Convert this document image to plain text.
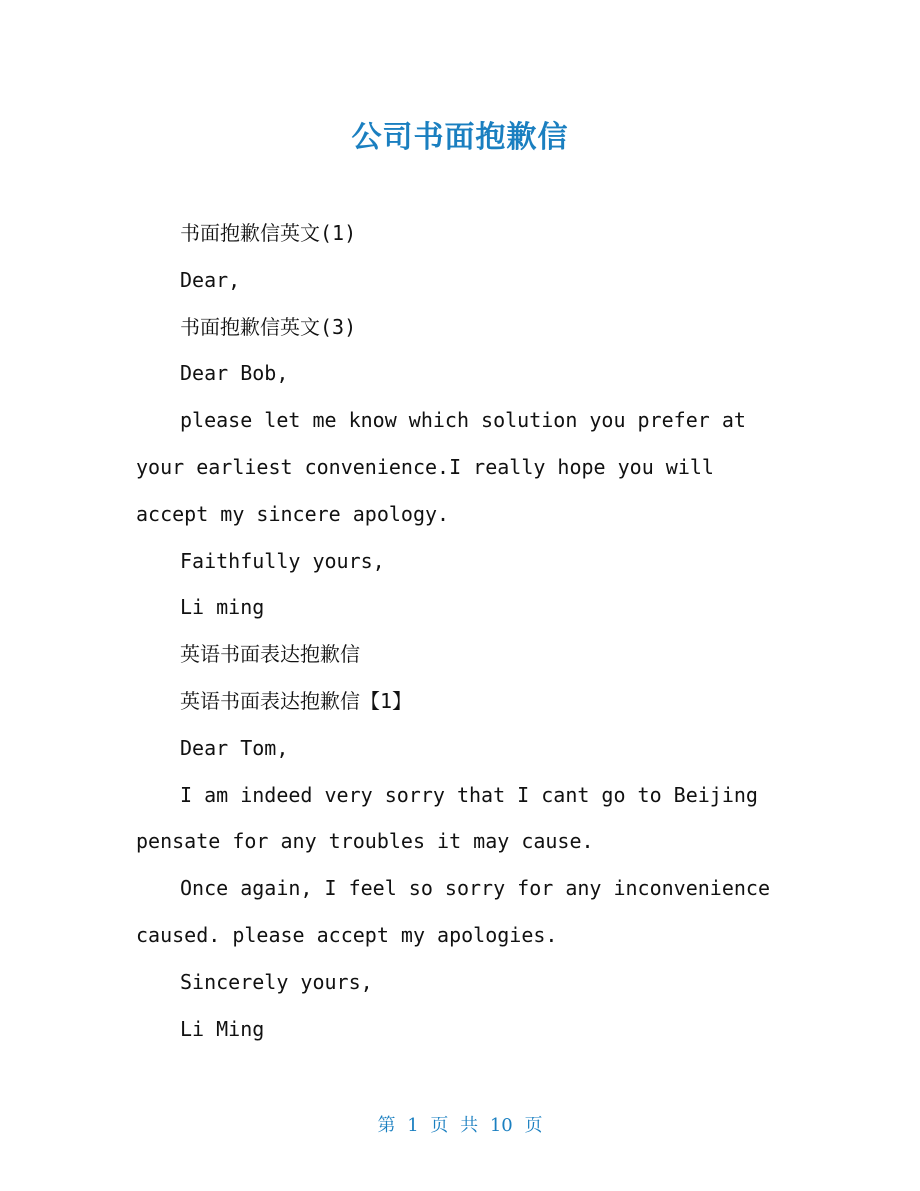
公司书面抱歉信

书面抱歉信英文(1)

Dear,

书面抱歉信英文(3)

Dear Bob,

please let me know which solution you prefer at your earliest convenience.I really hope you will accept my sincere apology.

Faithfully yours,

Li ming

英语书面表达抱歉信

英语书面表达抱歉信【1】

Dear Tom,

I am indeed very sorry that I cant go to Beijing pensate for any troubles it may cause.

Once again, I feel so sorry for any inconvenience caused. please accept my apologies.

Sincerely yours,

Li Ming

第 1 页 共 10 页
